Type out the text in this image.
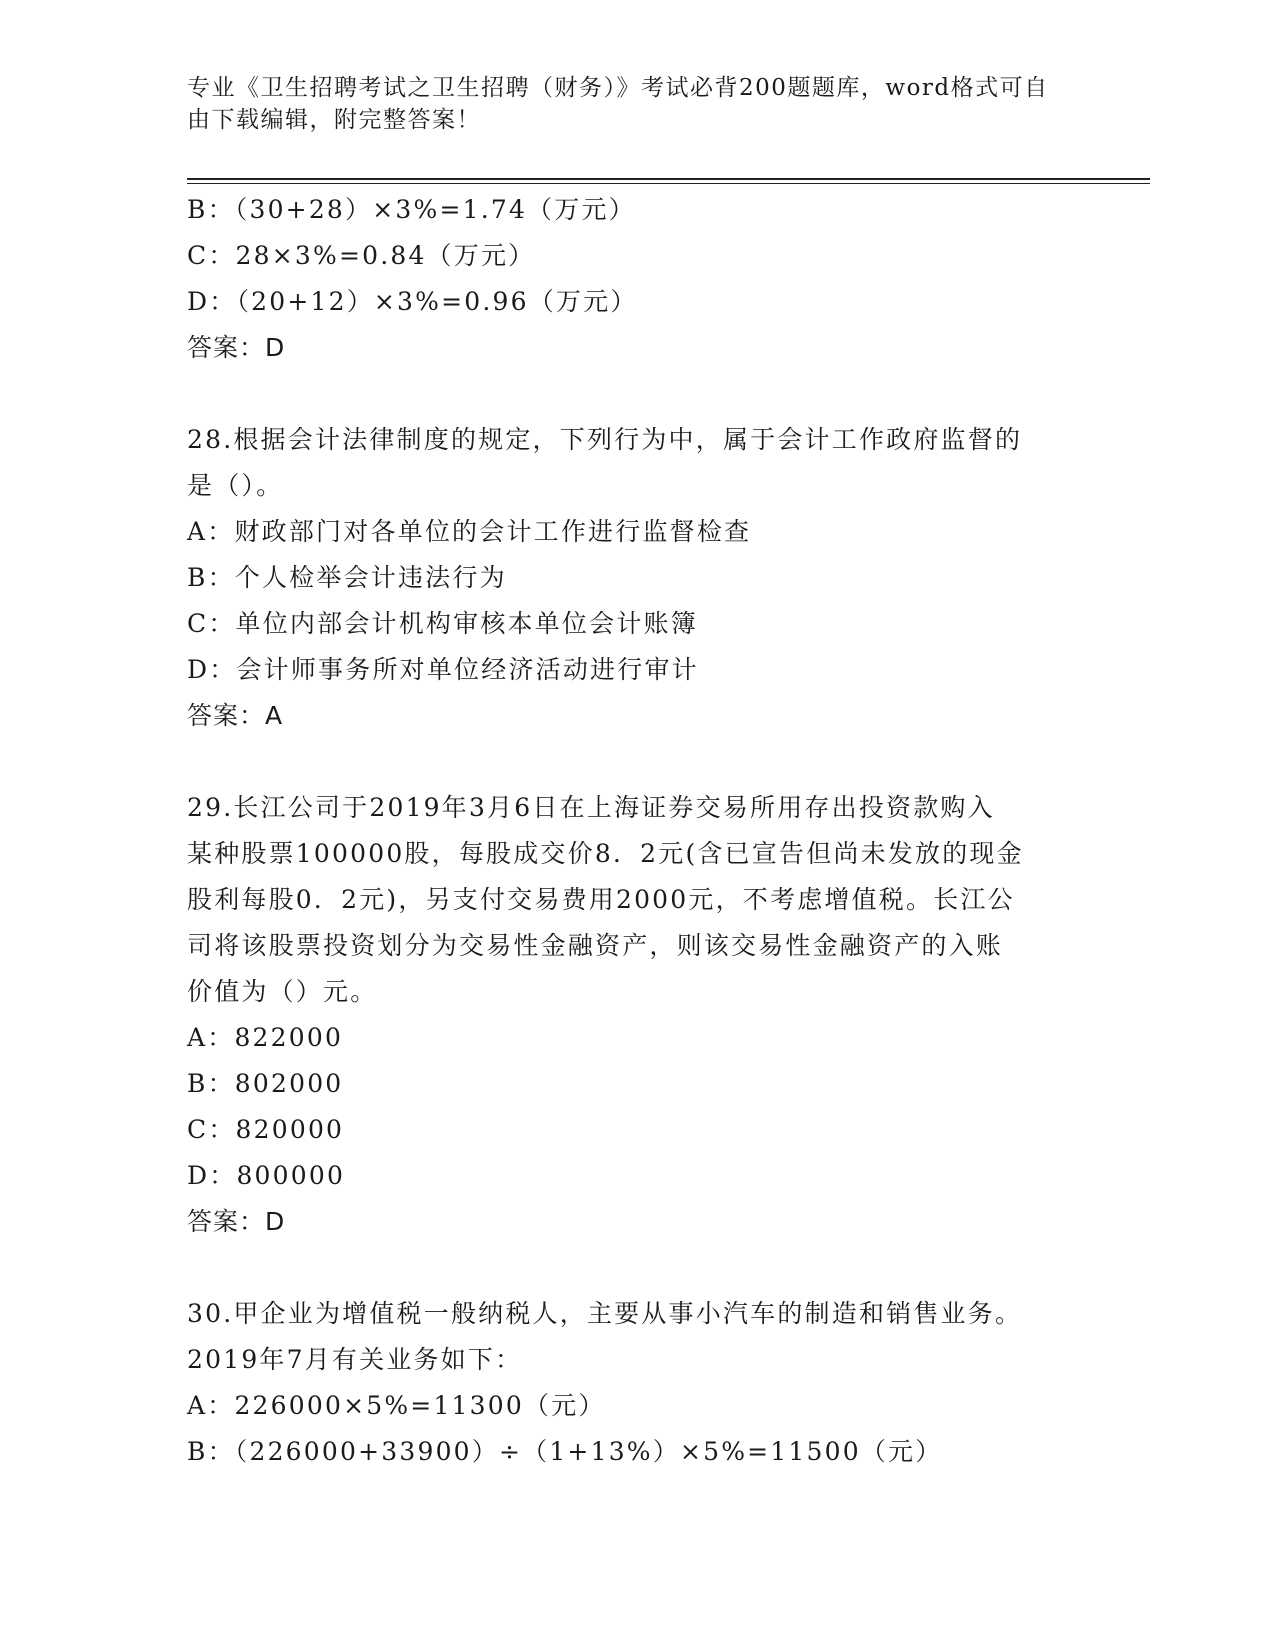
专业《卫生招聘考试之卫生招聘（财务）》考试必背200题题库，word格式可自
由下载编辑，附完整答案！
B：（30+28）×3%=1.74（万元）
C：28×3%=0.84（万元）
D：（20+12）×3%=0.96（万元）
答案：D
28.根据会计法律制度的规定，下列行为中，属于会计工作政府监督的
是（）。
A：财政部门对各单位的会计工作进行监督检查
B：个人检举会计违法行为
C：单位内部会计机构审核本单位会计账簿
D：会计师事务所对单位经济活动进行审计
答案：A
29.长江公司于2019年3月6日在上海证券交易所用存出投资款购入
某种股票100000股，每股成交价8．2元(含已宣告但尚未发放的现金
股利每股0．2元)，另支付交易费用2000元，不考虑增值税。长江公
司将该股票投资划分为交易性金融资产，则该交易性金融资产的入账
价值为（）元。
A：822000
B：802000
C：820000
D：800000
答案：D
30.甲企业为增值税一般纳税人，主要从事小汽车的制造和销售业务。
2019年7月有关业务如下：
A：226000×5%=11300（元）
B：（226000+33900）÷（1+13%）×5%=11500（元）
